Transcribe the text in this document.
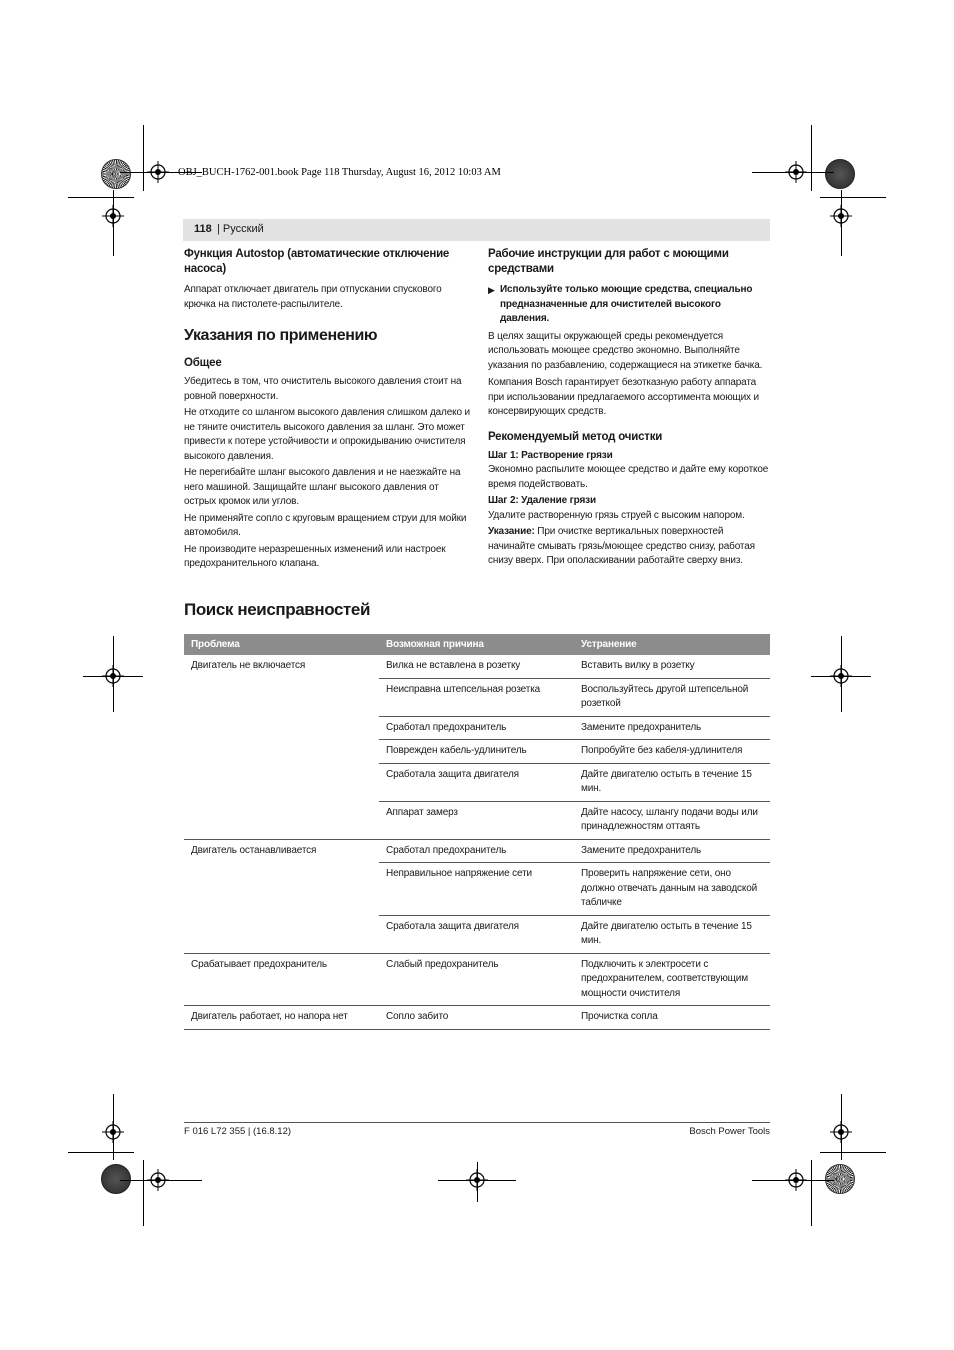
OBJ_BUCH-1762-001.book Page 118 Thursday, August 16, 2012 10:03 AM
118 | Русский

Функция Autostop (автоматические отключение насоса)

Аппарат отключает двигатель при отпускании спускового крючка на пистолете-распылителе.

Указания по применению

Общее

Убедитесь в том, что очиститель высокого давления стоит на ровной поверхности.

Не отходите со шлангом высокого давления слишком далеко и не тяните очиститель высокого давления за шланг. Это может привести к потере устойчивости и опрокидыванию очистителя высокого давления.

Не перегибайте шланг высокого давления и не наезжайте на него машиной. Защищайте шланг высокого давления от острых кромок или углов.

Не применяйте сопло с круговым вращением струи для мойки автомобиля.

Не производите неразрешенных изменений или настроек предохранительного клапана.

Рабочие инструкции для работ с моющими средствами

▶ Используйте только моющие средства, специально предназначенные для очистителей высокого давления.

В целях защиты окружающей среды рекомендуется использовать моющее средство экономно. Выполняйте указания по разбавлению, содержащиеся на этикетке бачка.

Компания Bosch гарантирует безотказную работу аппарата при использовании предлагаемого ассортимента моющих и консервирующих средств.

Рекомендуемый метод очистки

Шаг 1: Растворение грязи

Экономно распылите моющее средство и дайте ему короткое время подействовать.

Шаг 2: Удаление грязи

Удалите растворенную грязь струей с высоким напором.

Указание: При очистке вертикальных поверхностей начинайте смывать грязь/моющее средство снизу, работая снизу вверх. При ополаскивании работайте сверху вниз.

Поиск неисправностей

Проблема	Возможная причина	Устранение
Двигатель не включается	Вилка не вставлена в розетку	Вставить вилку в розетку
	Неисправна штепсельная розетка	Воспользуйтесь другой штепсельной розеткой
	Сработал предохранитель	Замените предохранитель
	Поврежден кабель-удлинитель	Попробуйте без кабеля-удлинителя
	Сработала защита двигателя	Дайте двигателю остыть в течение 15 мин.
	Аппарат замерз	Дайте насосу, шлангу подачи воды или принадлежностям оттаять
Двигатель останавливается	Сработал предохранитель	Замените предохранитель
	Неправильное напряжение сети	Проверить напряжение сети, оно должно отвечать данным на заводской табличке
	Сработала защита двигателя	Дайте двигателю остыть в течение 15 мин.
Срабатывает предохранитель	Слабый предохранитель	Подключить к электросети с предохранителем, соответствующим мощности очистителя
Двигатель работает, но напора нет	Сопло забито	Прочистка сопла
F 016 L72 355 | (16.8.12)	Bosch Power Tools
